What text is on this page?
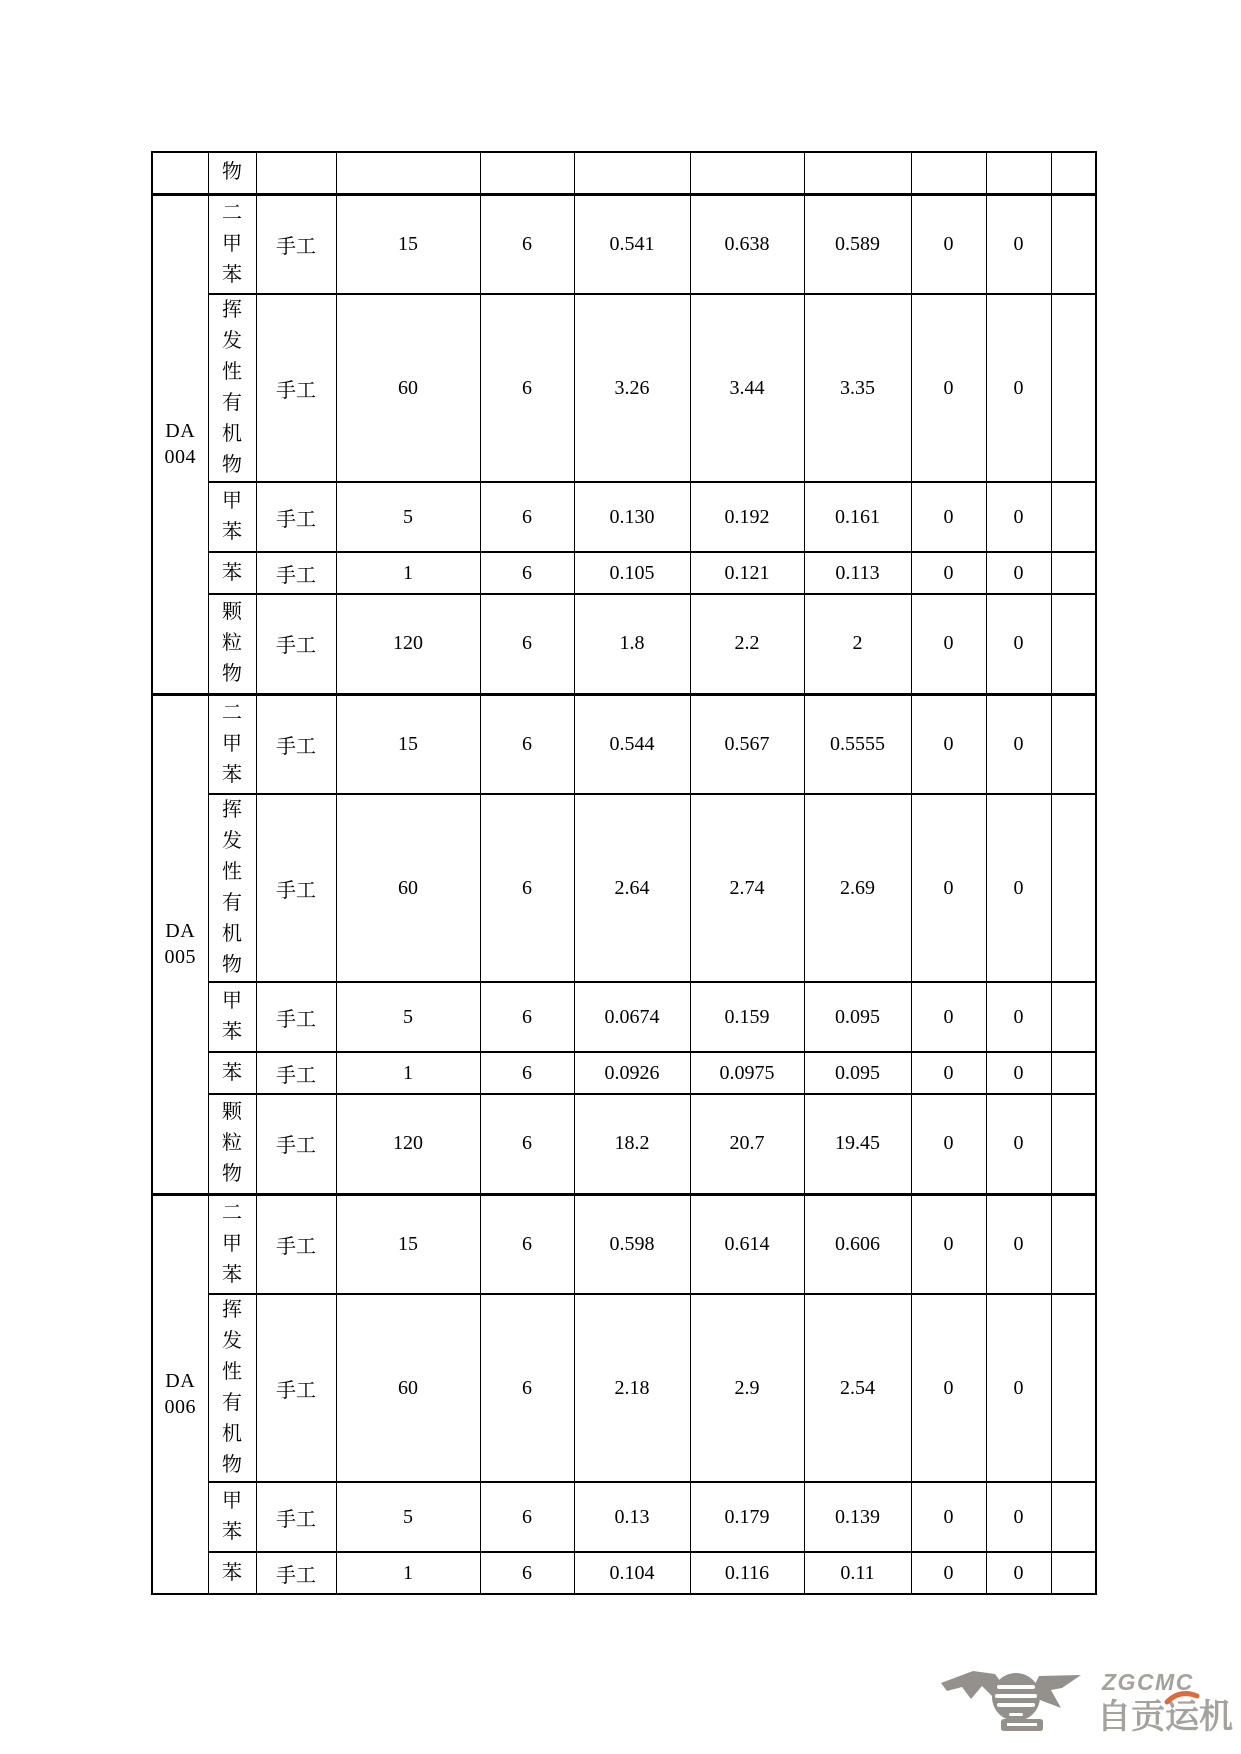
	物									

DA 004	二甲苯	手工	15	6	0.541	0.638	0.589	0	0	

	挥发性有机物	手工	60	6	3.26	3.44	3.35	0	0	

	甲苯	手工	5	6	0.130	0.192	0.161	0	0	

	苯	手工	1	6	0.105	0.121	0.113	0	0	

	颗粒物	手工	120	6	1.8	2.2	2	0	0	

DA 005	二甲苯	手工	15	6	0.544	0.567	0.5555	0	0	

	挥发性有机物	手工	60	6	2.64	2.74	2.69	0	0	

	甲苯	手工	5	6	0.0674	0.159	0.095	0	0	

	苯	手工	1	6	0.0926	0.0975	0.095	0	0	

	颗粒物	手工	120	6	18.2	20.7	19.45	0	0	

DA 006	二甲苯	手工	15	6	0.598	0.614	0.606	0	0	

	挥发性有机物	手工	60	6	2.18	2.9	2.54	0	0	

	甲苯	手工	5	6	0.13	0.179	0.139	0	0	

	苯	手工	1	6	0.104	0.116	0.11	0	0	
ZGCMC
自贡运机
